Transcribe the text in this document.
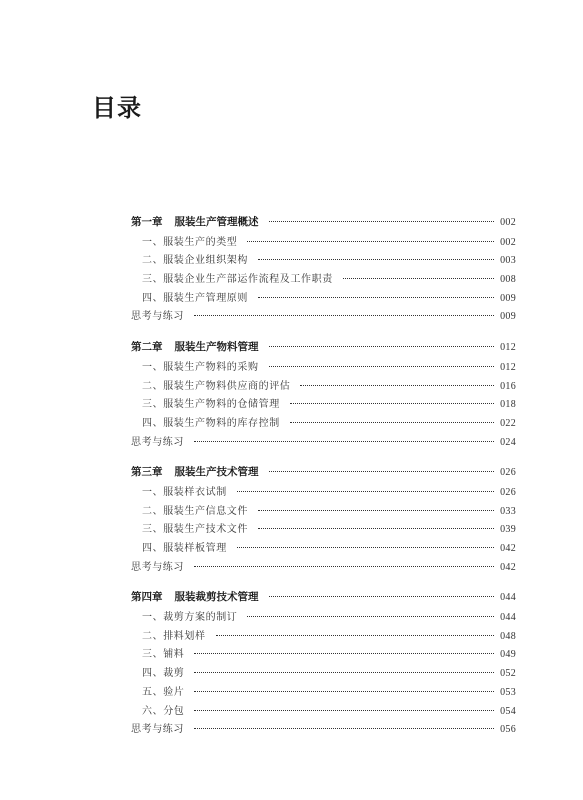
目录
第一章 服装生产管理概述	002
一、服装生产的类型	002
二、服装企业组织架构	003
三、服装企业生产部运作流程及工作职责	008
四、服装生产管理原则	009
思考与练习	009
第二章 服装生产物料管理	012
一、服装生产物料的采购	012
二、服装生产物料供应商的评估	016
三、服装生产物料的仓储管理	018
四、服装生产物料的库存控制	022
思考与练习	024
第三章 服装生产技术管理	026
一、服装样衣试制	026
二、服装生产信息文件	033
三、服装生产技术文件	039
四、服装样板管理	042
思考与练习	042
第四章 服装裁剪技术管理	044
一、裁剪方案的制订	044
二、排料划样	048
三、铺料	049
四、裁剪	052
五、验片	053
六、分包	054
思考与练习	056
